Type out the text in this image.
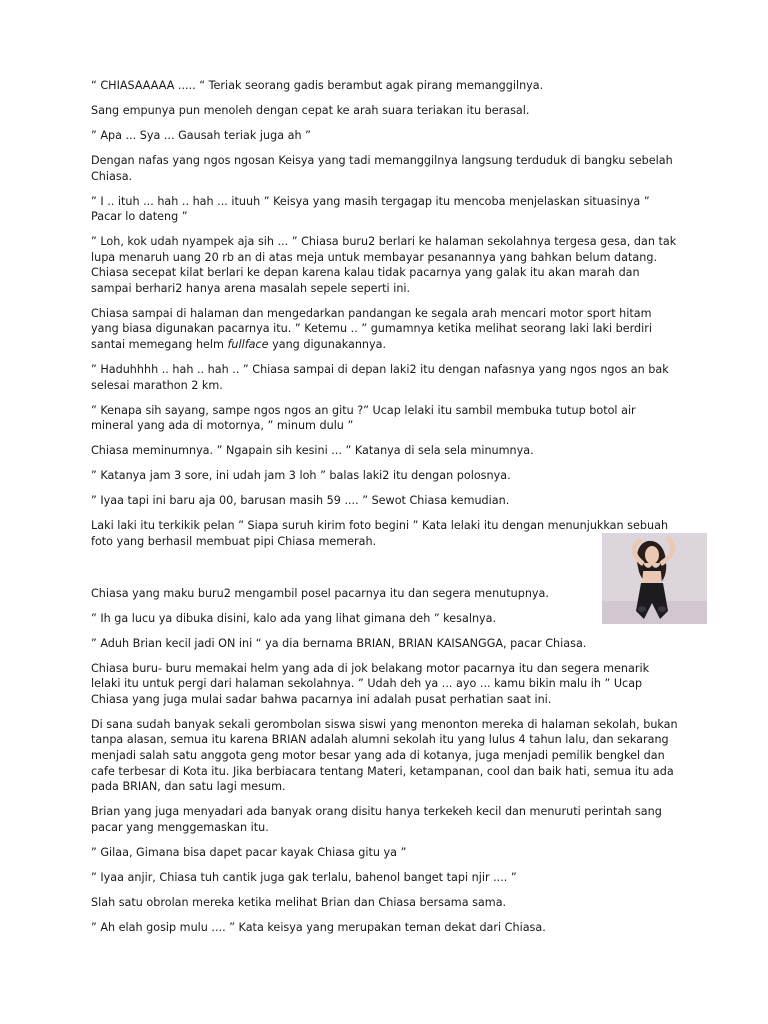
“ CHIASAAAAA ..... “ Teriak seorang gadis berambut agak pirang memanggilnya.

Sang empunya pun menoleh dengan cepat ke arah suara teriakan itu berasal.

” Apa ... Sya ... Gausah teriak juga ah ”

Dengan nafas yang ngos ngosan Keisya yang tadi memanggilnya langsung terduduk di bangku sebelah Chiasa.

” I .. ituh ... hah .. hah ... ituuh ” Keisya yang masih tergagap itu mencoba menjelaskan situasinya ” Pacar lo dateng ”

” Loh, kok udah nyampek aja sih ... ” Chiasa buru2 berlari ke halaman sekolahnya tergesa gesa, dan tak lupa menaruh uang 20 rb an di atas meja untuk membayar pesanannya yang bahkan belum datang. Chiasa secepat kilat berlari ke depan karena kalau tidak pacarnya yang galak itu akan marah dan sampai berhari2 hanya arena masalah sepele seperti ini.

Chiasa sampai di halaman dan mengedarkan pandangan ke segala arah mencari motor sport hitam yang biasa digunakan pacarnya itu. ” Ketemu .. ” gumamnya ketika melihat seorang laki laki berdiri santai memegang helm fullface yang digunakannya.

” Haduhhhh .. hah .. hah .. ” Chiasa sampai di depan laki2 itu dengan nafasnya yang ngos ngos an bak selesai marathon 2 km.

” Kenapa sih sayang, sampe ngos ngos an gitu ?” Ucap lelaki itu sambil membuka tutup botol air mineral yang ada di motornya, ” minum dulu ”

Chiasa meminumnya. ” Ngapain sih kesini ... ” Katanya di sela sela minumnya.

” Katanya jam 3 sore, ini udah jam 3 loh ” balas laki2 itu dengan polosnya.

” Iyaa tapi ini baru aja 00, barusan masih 59 .... ” Sewot Chiasa kemudian.

Laki laki itu terkikik pelan ” Siapa suruh kirim foto begini ” Kata lelaki itu dengan menunjukkan sebuah foto yang berhasil membuat pipi Chiasa memerah.

Chiasa yang maku buru2 mengambil posel pacarnya itu dan segera menutupnya.

” Ih ga lucu ya dibuka disini, kalo ada yang lihat gimana deh ” kesalnya.

” Aduh Brian kecil jadi ON ini “ ya dia bernama BRIAN, BRIAN KAISANGGA, pacar Chiasa.

Chiasa buru- buru memakai helm yang ada di jok belakang motor pacarnya itu dan segera menarik lelaki itu untuk pergi dari halaman sekolahnya. ” Udah deh ya ... ayo ... kamu bikin malu ih ” Ucap Chiasa yang juga mulai sadar bahwa pacarnya ini adalah pusat perhatian saat ini.

Di sana sudah banyak sekali gerombolan siswa siswi yang menonton mereka di halaman sekolah, bukan tanpa alasan, semua itu karena BRIAN adalah alumni sekolah itu yang lulus 4 tahun lalu, dan sekarang menjadi salah satu anggota geng motor besar yang ada di kotanya, juga menjadi pemilik bengkel dan cafe terbesar di Kota itu. Jika berbiacara tentang Materi, ketampanan, cool dan baik hati, semua itu ada pada BRIAN, dan satu lagi mesum.

Brian yang juga menyadari ada banyak orang disitu hanya terkekeh kecil dan menuruti perintah sang pacar yang menggemaskan itu.

” Gilaa, Gimana bisa dapet pacar kayak Chiasa gitu ya ”

” Iyaa anjir, Chiasa tuh cantik juga gak terlalu, bahenol banget tapi njir .... ”

Slah satu obrolan mereka ketika melihat Brian dan Chiasa bersama sama.

” Ah elah gosip mulu .... ” Kata keisya yang merupakan teman dekat dari Chiasa.
